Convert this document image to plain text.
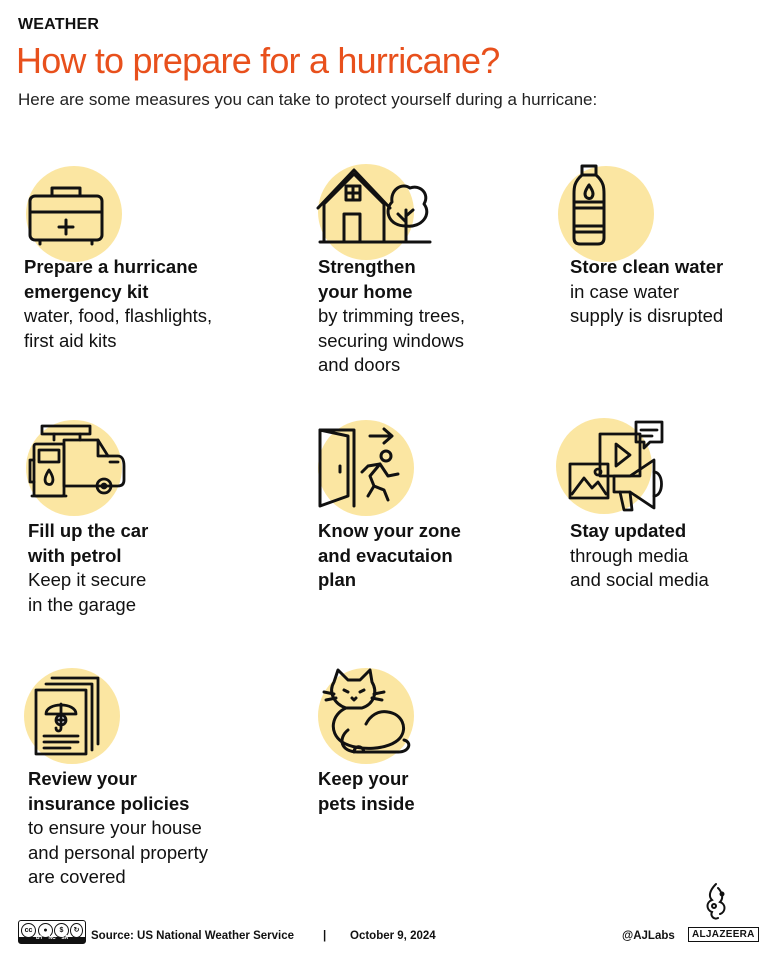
WEATHER
How to prepare for a hurricane?
Here are some measures you can take to protect yourself during a hurricane:
Prepare a hurricane
emergency kit
water, food, flashlights,
first aid kits
Strengthen
your home
by trimming trees,
securing windows
and doors
Store clean water
in case water
supply is disrupted
Fill up the car
with petrol
Keep it secure
in the garage
Know your zone
and evacutaion
plan
Stay updated
through media
and social media
Review your
insurance policies
to ensure your house
and personal property
are covered
Keep your
pets inside
cc	●	$	↻
BY NC SA	Source: US National Weather Service	| October 9, 2024	@AJLabs	ALJAZEERA
